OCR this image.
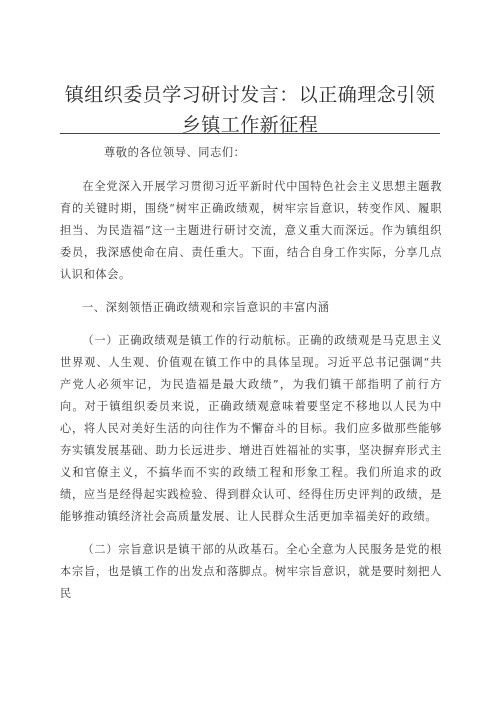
镇组织委员学习研讨发言：以正确理念引领乡镇工作新征程

尊敬的各位领导、同志们：

在全党深入开展学习贯彻习近平新时代中国特色社会主义思想主题教育的关键时期，围绕“树牢正确政绩观，树牢宗旨意识，转变作风、履职担当、为民造福”这一主题进行研讨交流，意义重大而深远。作为镇组织委员，我深感使命在肩、责任重大。下面，结合自身工作实际，分享几点认识和体会。

一、深刻领悟正确政绩观和宗旨意识的丰富内涵

（一）正确政绩观是镇工作的行动航标。正确的政绩观是马克思主义世界观、人生观、价值观在镇工作中的具体呈现。习近平总书记强调“共产党人必须牢记，为民造福是最大政绩”，为我们镇干部指明了前行方向。对于镇组织委员来说，正确政绩观意味着要坚定不移地以人民为中心，将人民对美好生活的向往作为不懈奋斗的目标。我们应多做那些能够夯实镇发展基础、助力长远进步、增进百姓福祉的实事，坚决摒弃形式主义和官僚主义，不搞华而不实的政绩工程和形象工程。我们所追求的政绩，应当是经得起实践检验、得到群众认可、经得住历史评判的政绩，是能够推动镇经济社会高质量发展、让人民群众生活更加幸福美好的政绩。

（二）宗旨意识是镇干部的从政基石。全心全意为人民服务是党的根本宗旨，也是镇工作的出发点和落脚点。树牢宗旨意识，就是要时刻把人民
